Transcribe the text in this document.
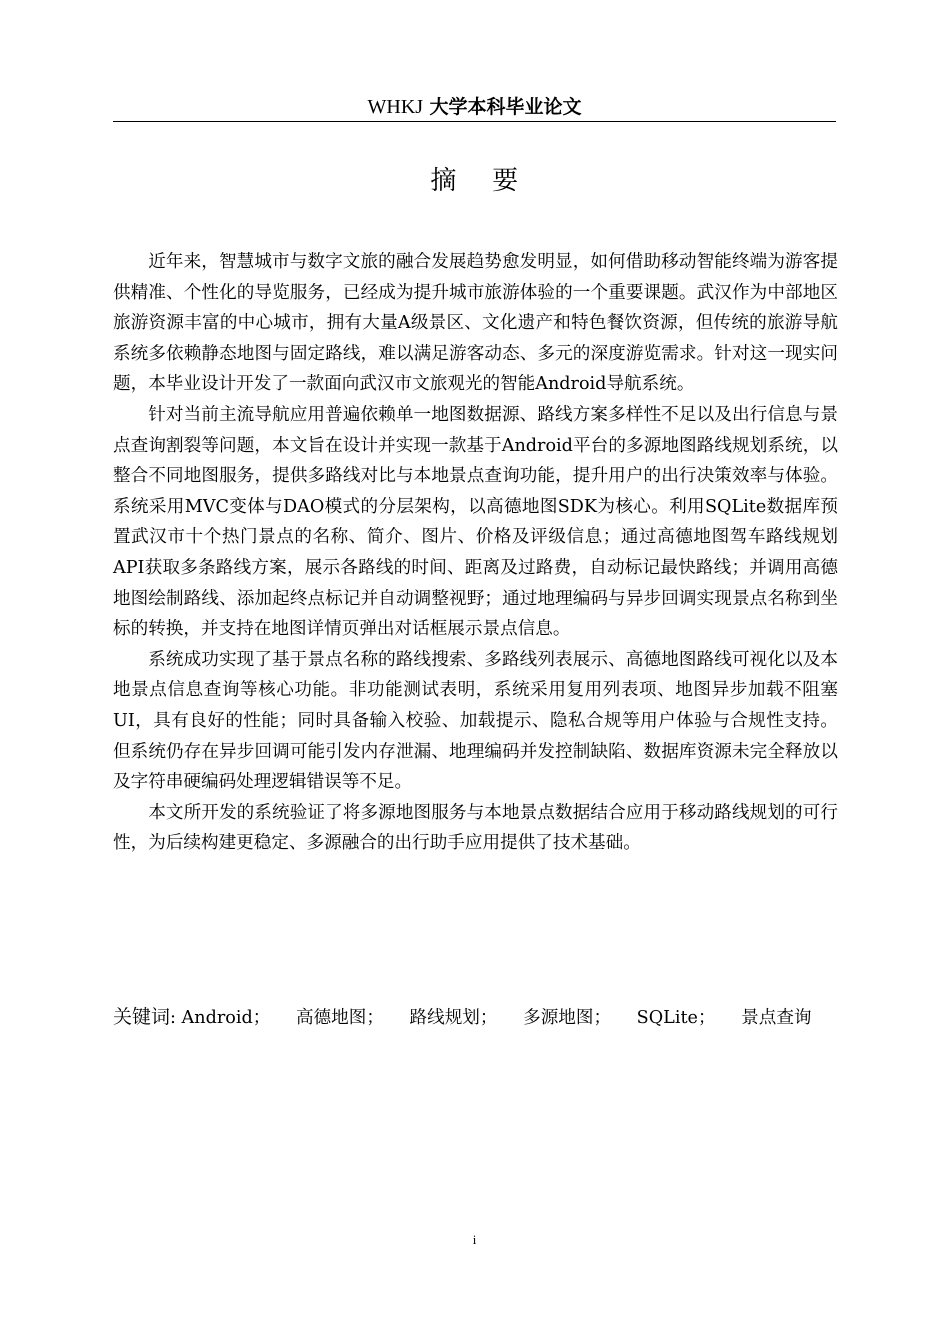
WHKJ 大学本科毕业论文
摘    要

近年来，智慧城市与数字文旅的融合发展趋势愈发明显，如何借助移动智能终端为游客提供精准、个性化的导览服务，已经成为提升城市旅游体验的一个重要课题。武汉作为中部地区旅游资源丰富的中心城市，拥有大量A级景区、文化遗产和特色餐饮资源，但传统的旅游导航系统多依赖静态地图与固定路线，难以满足游客动态、多元的深度游览需求。针对这一现实问题，本毕业设计开发了一款面向武汉市文旅观光的智能Android导航系统。

针对当前主流导航应用普遍依赖单一地图数据源、路线方案多样性不足以及出行信息与景点查询割裂等问题，本文旨在设计并实现一款基于Android平台的多源地图路线规划系统，以整合不同地图服务，提供多路线对比与本地景点查询功能，提升用户的出行决策效率与体验。系统采用MVC变体与DAO模式的分层架构，以高德地图SDK为核心。利用SQLite数据库预置武汉市十个热门景点的名称、简介、图片、价格及评级信息；通过高德地图驾车路线规划 API获取多条路线方案，展示各路线的时间、距离及过路费，自动标记最快路线；并调用高德地图绘制路线、添加起终点标记并自动调整视野；通过地理编码与异步回调实现景点名称到坐标的转换，并支持在地图详情页弹出对话框展示景点信息。

系统成功实现了基于景点名称的路线搜索、多路线列表展示、高德地图路线可视化以及本地景点信息查询等核心功能。非功能测试表明，系统采用复用列表项、地图异步加载不阻塞UI，具有良好的性能；同时具备输入校验、加载提示、隐私合规等用户体验与合规性支持。但系统仍存在异步回调可能引发内存泄漏、地理编码并发控制缺陷、数据库资源未完全释放以及字符串硬编码处理逻辑错误等不足。

本文所开发的系统验证了将多源地图服务与本地景点数据结合应用于移动路线规划的可行性，为后续构建更稳定、多源融合的出行助手应用提供了技术基础。

关键词: Android； 高德地图； 路线规划； 多源地图； SQLite； 景点查询
i
